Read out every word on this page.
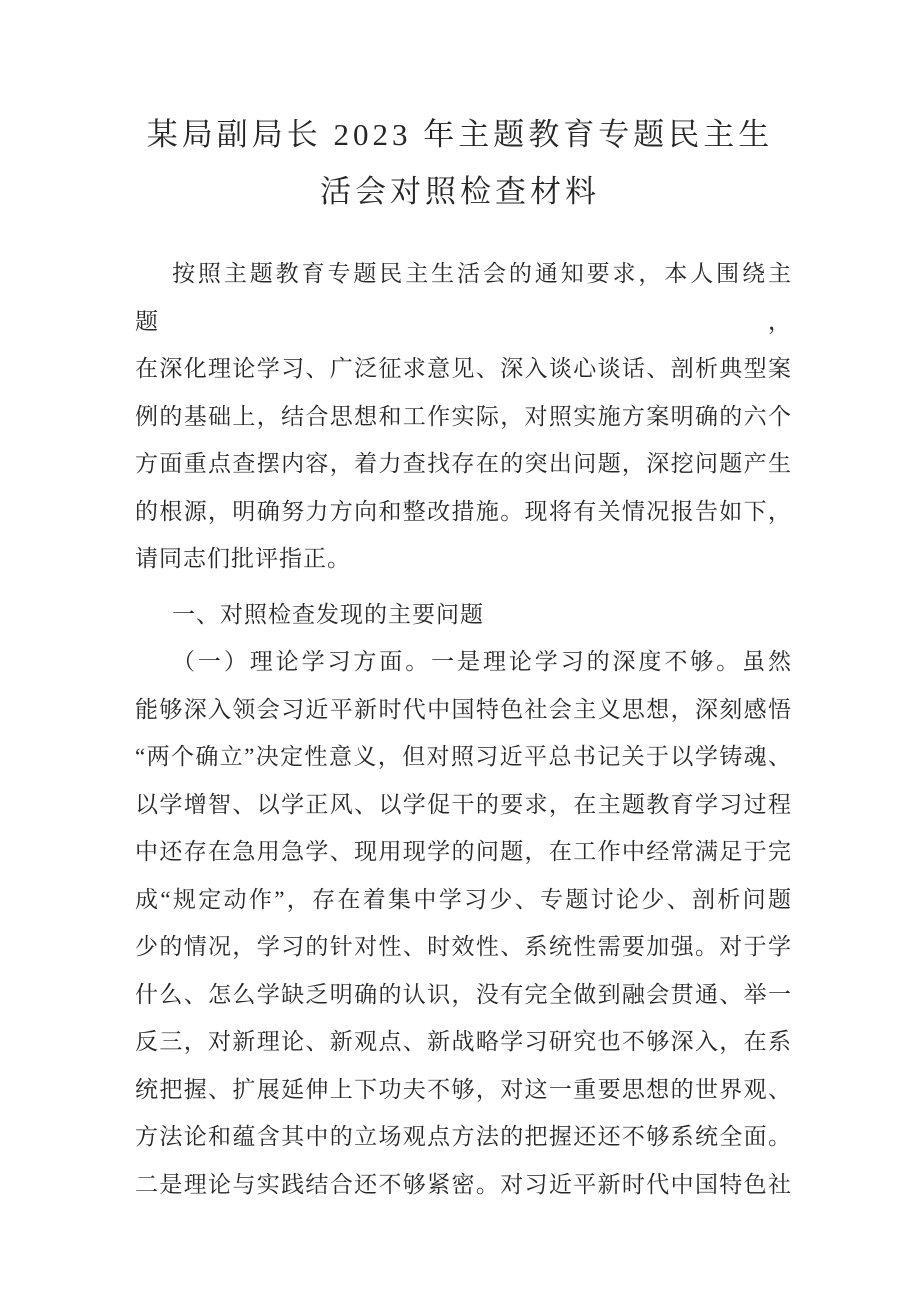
某局副局长 2023 年主题教育专题民主生
活会对照检查材料
按照主题教育专题民主生活会的通知要求，本人围绕主题，
在深化理论学习、广泛征求意见、深入谈心谈话、剖析典型案
例的基础上，结合思想和工作实际，对照实施方案明确的六个
方面重点查摆内容，着力查找存在的突出问题，深挖问题产生
的根源，明确努力方向和整改措施。现将有关情况报告如下，
请同志们批评指正。
一、对照检查发现的主要问题
（一）理论学习方面。一是理论学习的深度不够。虽然
能够深入领会习近平新时代中国特色社会主义思想，深刻感悟
“两个确立”决定性意义，但对照习近平总书记关于以学铸魂、
以学增智、以学正风、以学促干的要求，在主题教育学习过程
中还存在急用急学、现用现学的问题，在工作中经常满足于完
成“规定动作”，存在着集中学习少、专题讨论少、剖析问题
少的情况，学习的针对性、时效性、系统性需要加强。对于学
什么、怎么学缺乏明确的认识，没有完全做到融会贯通、举一
反三，对新理论、新观点、新战略学习研究也不够深入，在系
统把握、扩展延伸上下功夫不够，对这一重要思想的世界观、
方法论和蕴含其中的立场观点方法的把握还还不够系统全面。
二是理论与实践结合还不够紧密。对习近平新时代中国特色社
